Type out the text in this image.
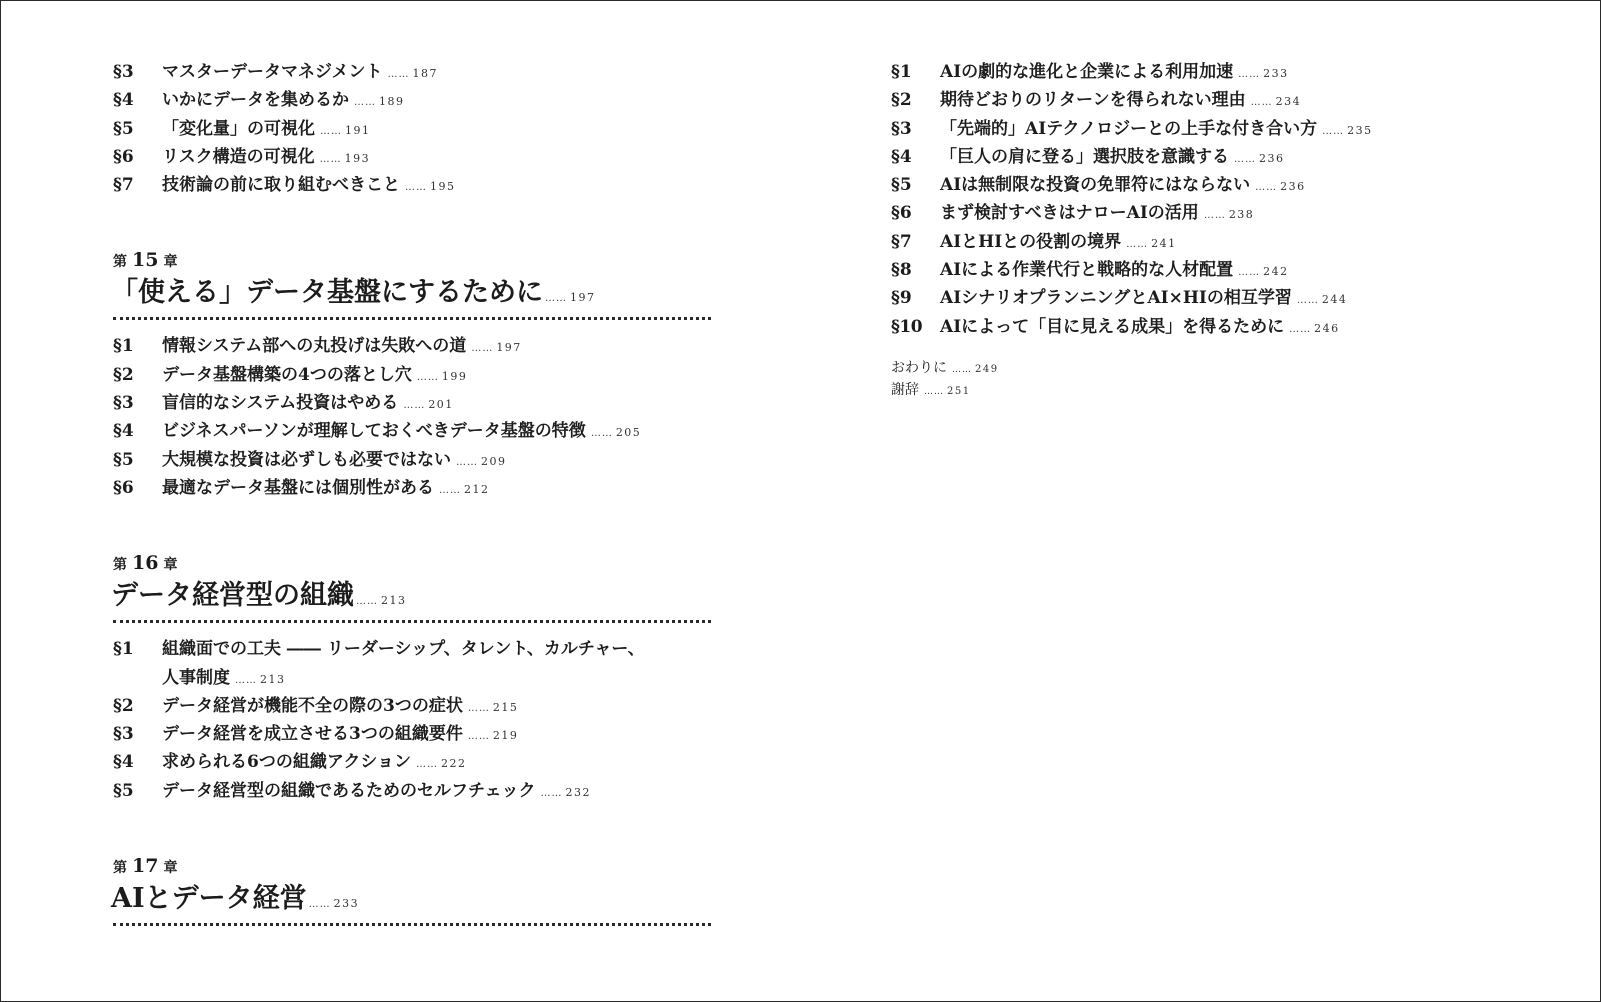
§3	マスターデータマネジメント …… 187
§4	いかにデータを集めるか …… 189
§5	「変化量」の可視化 …… 191
§6	リスク構造の可視化 …… 193
§7	技術論の前に取り組むべきこと …… 195
第 15 章
「使える」データ基盤にするために …… 197
§1	情報システム部への丸投げは失敗への道 …… 197
§2	データ基盤構築の4つの落とし穴 …… 199
§3	盲信的なシステム投資はやめる …… 201
§4	ビジネスパーソンが理解しておくべきデータ基盤の特徴 …… 205
§5	大規模な投資は必ずしも必要ではない …… 209
§6	最適なデータ基盤には個別性がある …… 212
第 16 章
データ経営型の組織 …… 213
§1	組織面での工夫 ―― リーダーシップ、タレント、カルチャー、
人事制度 …… 213
§2	データ経営が機能不全の際の3つの症状 …… 215
§3	データ経営を成立させる3つの組織要件 …… 219
§4	求められる6つの組織アクション …… 222
§5	データ経営型の組織であるためのセルフチェック …… 232
第 17 章
AIとデータ経営 …… 233
§1	AIの劇的な進化と企業による利用加速 …… 233
§2	期待どおりのリターンを得られない理由 …… 234
§3	「先端的」AIテクノロジーとの上手な付き合い方 …… 235
§4	「巨人の肩に登る」選択肢を意識する …… 236
§5	AIは無制限な投資の免罪符にはならない …… 236
§6	まず検討すべきはナローAIの活用 …… 238
§7	AIとHIとの役割の境界 …… 241
§8	AIによる作業代行と戦略的な人材配置 …… 242
§9	AIシナリオプランニングとAI×HIの相互学習 …… 244
§10	AIによって「目に見える成果」を得るために …… 246
おわりに …… 249
謝辞 …… 251
